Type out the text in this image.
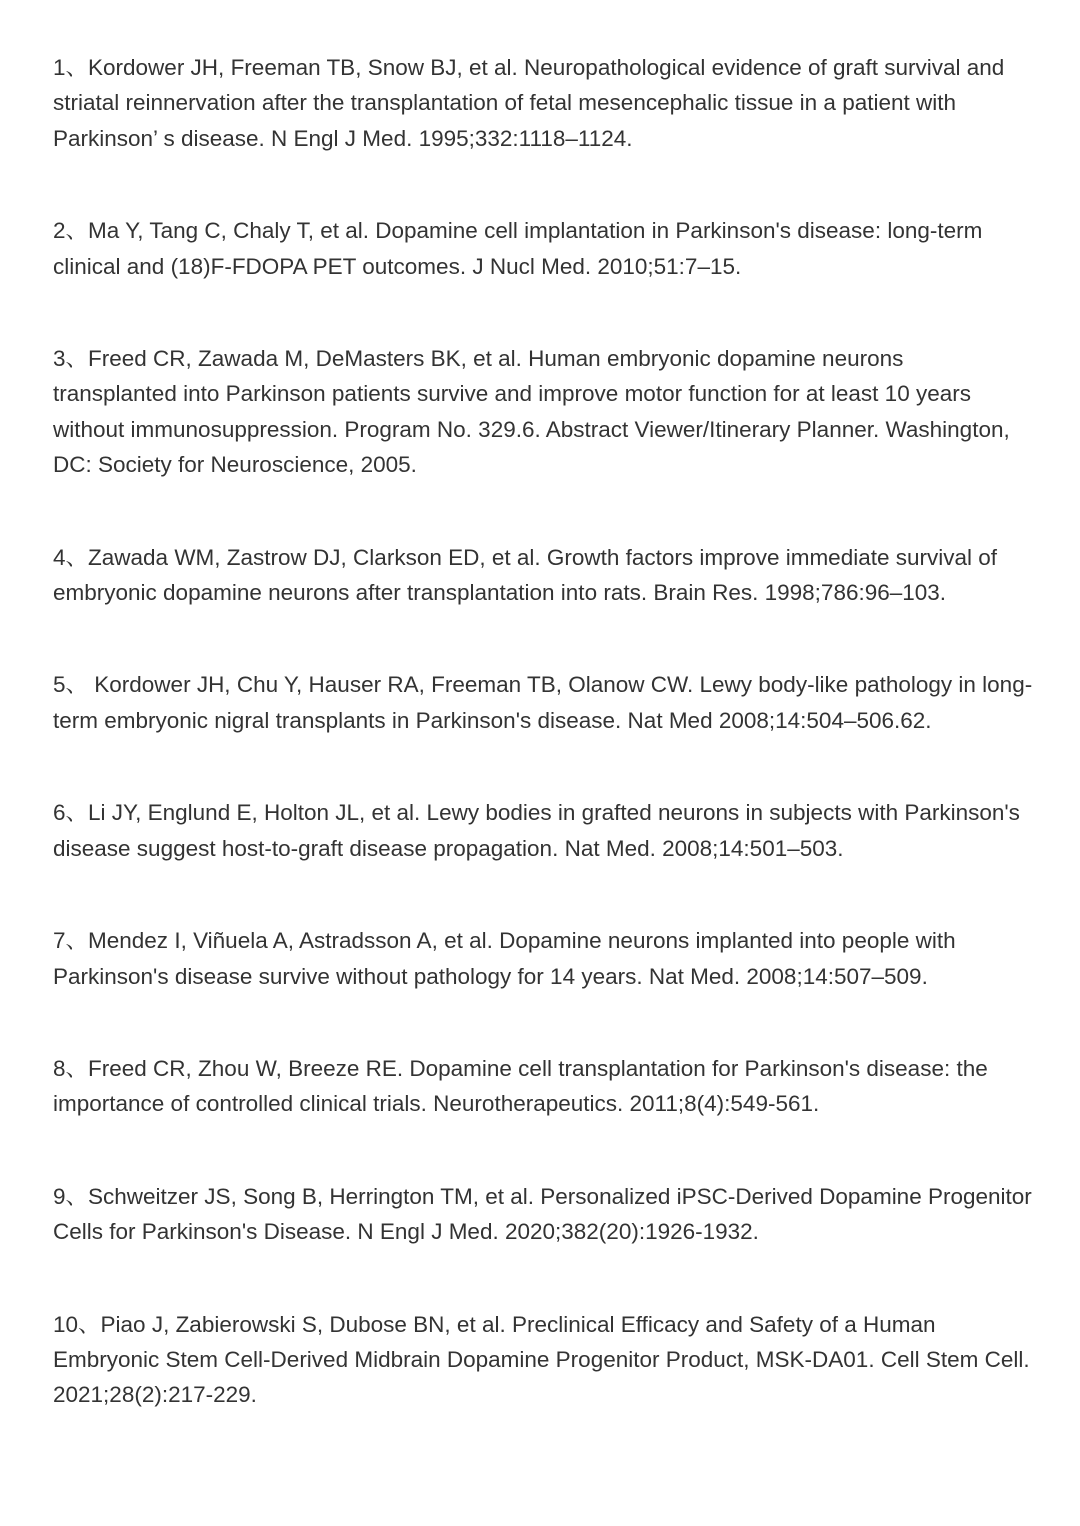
1、Kordower JH, Freeman TB, Snow BJ, et al. Neuropathological evidence of graft survival and striatal reinnervation after the transplantation of fetal mesencephalic tissue in a patient with Parkinson’ s disease. N Engl J Med. 1995;332:1118–1124.

2、Ma Y, Tang C, Chaly T, et al. Dopamine cell implantation in Parkinson's disease: long-term clinical and (18)F-FDOPA PET outcomes. J Nucl Med. 2010;51:7–15.

3、Freed CR, Zawada M, DeMasters BK, et al. Human embryonic dopamine neurons transplanted into Parkinson patients survive and improve motor function for at least 10 years without immunosuppression. Program No. 329.6. Abstract Viewer/Itinerary Planner. Washington, DC: Society for Neuroscience, 2005.

4、Zawada WM, Zastrow DJ, Clarkson ED, et al. Growth factors improve immediate survival of embryonic dopamine neurons after transplantation into rats. Brain Res. 1998;786:96–103.

5、 Kordower JH, Chu Y, Hauser RA, Freeman TB, Olanow CW. Lewy body-like pathology in long-term embryonic nigral transplants in Parkinson's disease. Nat Med 2008;14:504–506.62.

6、Li JY, Englund E, Holton JL, et al. Lewy bodies in grafted neurons in subjects with Parkinson's disease suggest host-to-graft disease propagation. Nat Med. 2008;14:501–503.

7、Mendez I, Viñuela A, Astradsson A, et al. Dopamine neurons implanted into people with Parkinson's disease survive without pathology for 14 years. Nat Med. 2008;14:507–509.

8、Freed CR, Zhou W, Breeze RE. Dopamine cell transplantation for Parkinson's disease: the importance of controlled clinical trials. Neurotherapeutics. 2011;8(4):549-561.

9、Schweitzer JS, Song B, Herrington TM, et al. Personalized iPSC-Derived Dopamine Progenitor Cells for Parkinson's Disease. N Engl J Med. 2020;382(20):1926-1932.

10、Piao J, Zabierowski S, Dubose BN, et al. Preclinical Efficacy and Safety of a Human Embryonic Stem Cell-Derived Midbrain Dopamine Progenitor Product, MSK-DA01. Cell Stem Cell. 2021;28(2):217-229.
